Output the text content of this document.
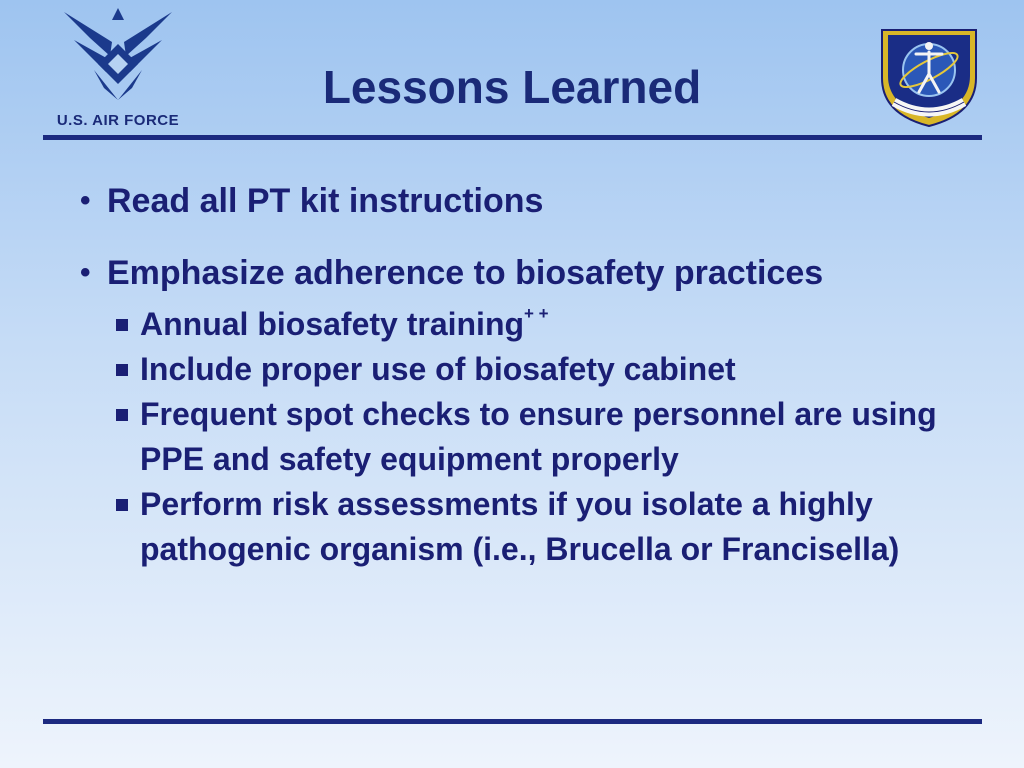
U.S. AIR FORCE
Lessons Learned
• Read all PT kit instructions
• Emphasize adherence to biosafety practices
Annual biosafety training+ +
Include proper use of biosafety cabinet
Frequent spot checks to ensure personnel are using PPE and safety equipment properly
Perform risk assessments if you isolate a highly pathogenic organism (i.e., Brucella or Francisella)
